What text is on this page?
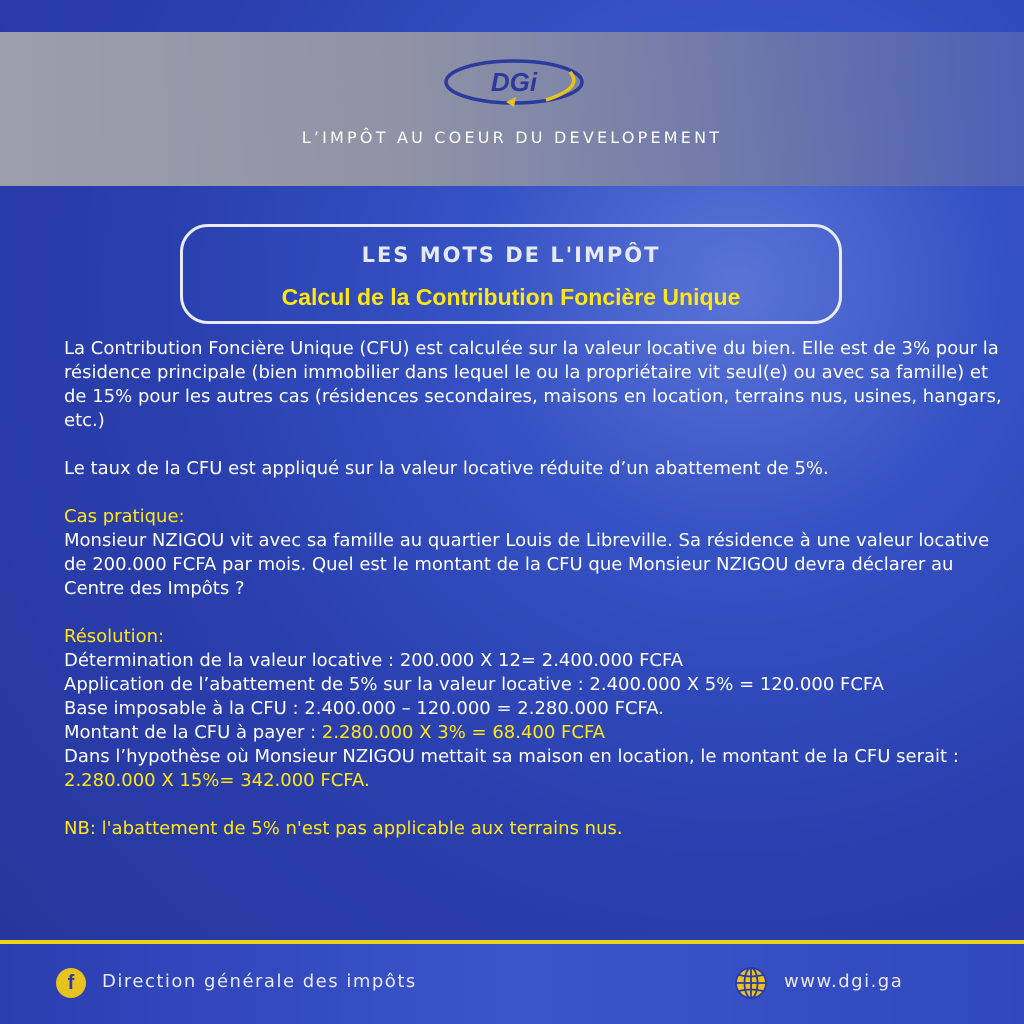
DGi
L’IMPÔT AU COEUR DU DEVELOPEMENT
LES MOTS DE L'IMPÔT
Calcul de la Contribution Foncière Unique

La Contribution Foncière Unique (CFU) est calculée sur la valeur locative du bien. Elle est de 3% pour la résidence principale (bien immobilier dans lequel le ou la propriétaire vit seul(e) ou avec sa famille) et de 15% pour les autres cas (résidences secondaires, maisons en location, terrains nus, usines, hangars, etc.)

Le taux de la CFU est appliqué sur la valeur locative réduite d’un abattement de 5%.

Cas pratique:

Monsieur NZIGOU vit avec sa famille au quartier Louis de Libreville. Sa résidence à une valeur locative de 200.000 FCFA par mois. Quel est le montant de la CFU que Monsieur NZIGOU devra déclarer au Centre des Impôts ?

Résolution:

Détermination de la valeur locative : 200.000 X 12= 2.400.000 FCFA

Application de l’abattement de 5% sur la valeur locative : 2.400.000 X 5% = 120.000 FCFA

Base imposable à la CFU : 2.400.000 – 120.000 = 2.280.000 FCFA.

Montant de la CFU à payer : 2.280.000 X 3% = 68.400 FCFA

Dans l’hypothèse où Monsieur NZIGOU mettait sa maison en location, le montant de la CFU serait :

2.280.000 X 15%= 342.000 FCFA.

NB: l'abattement de 5% n'est pas applicable aux terrains nus.

f	Direction générale des impôts	www.dgi.ga
